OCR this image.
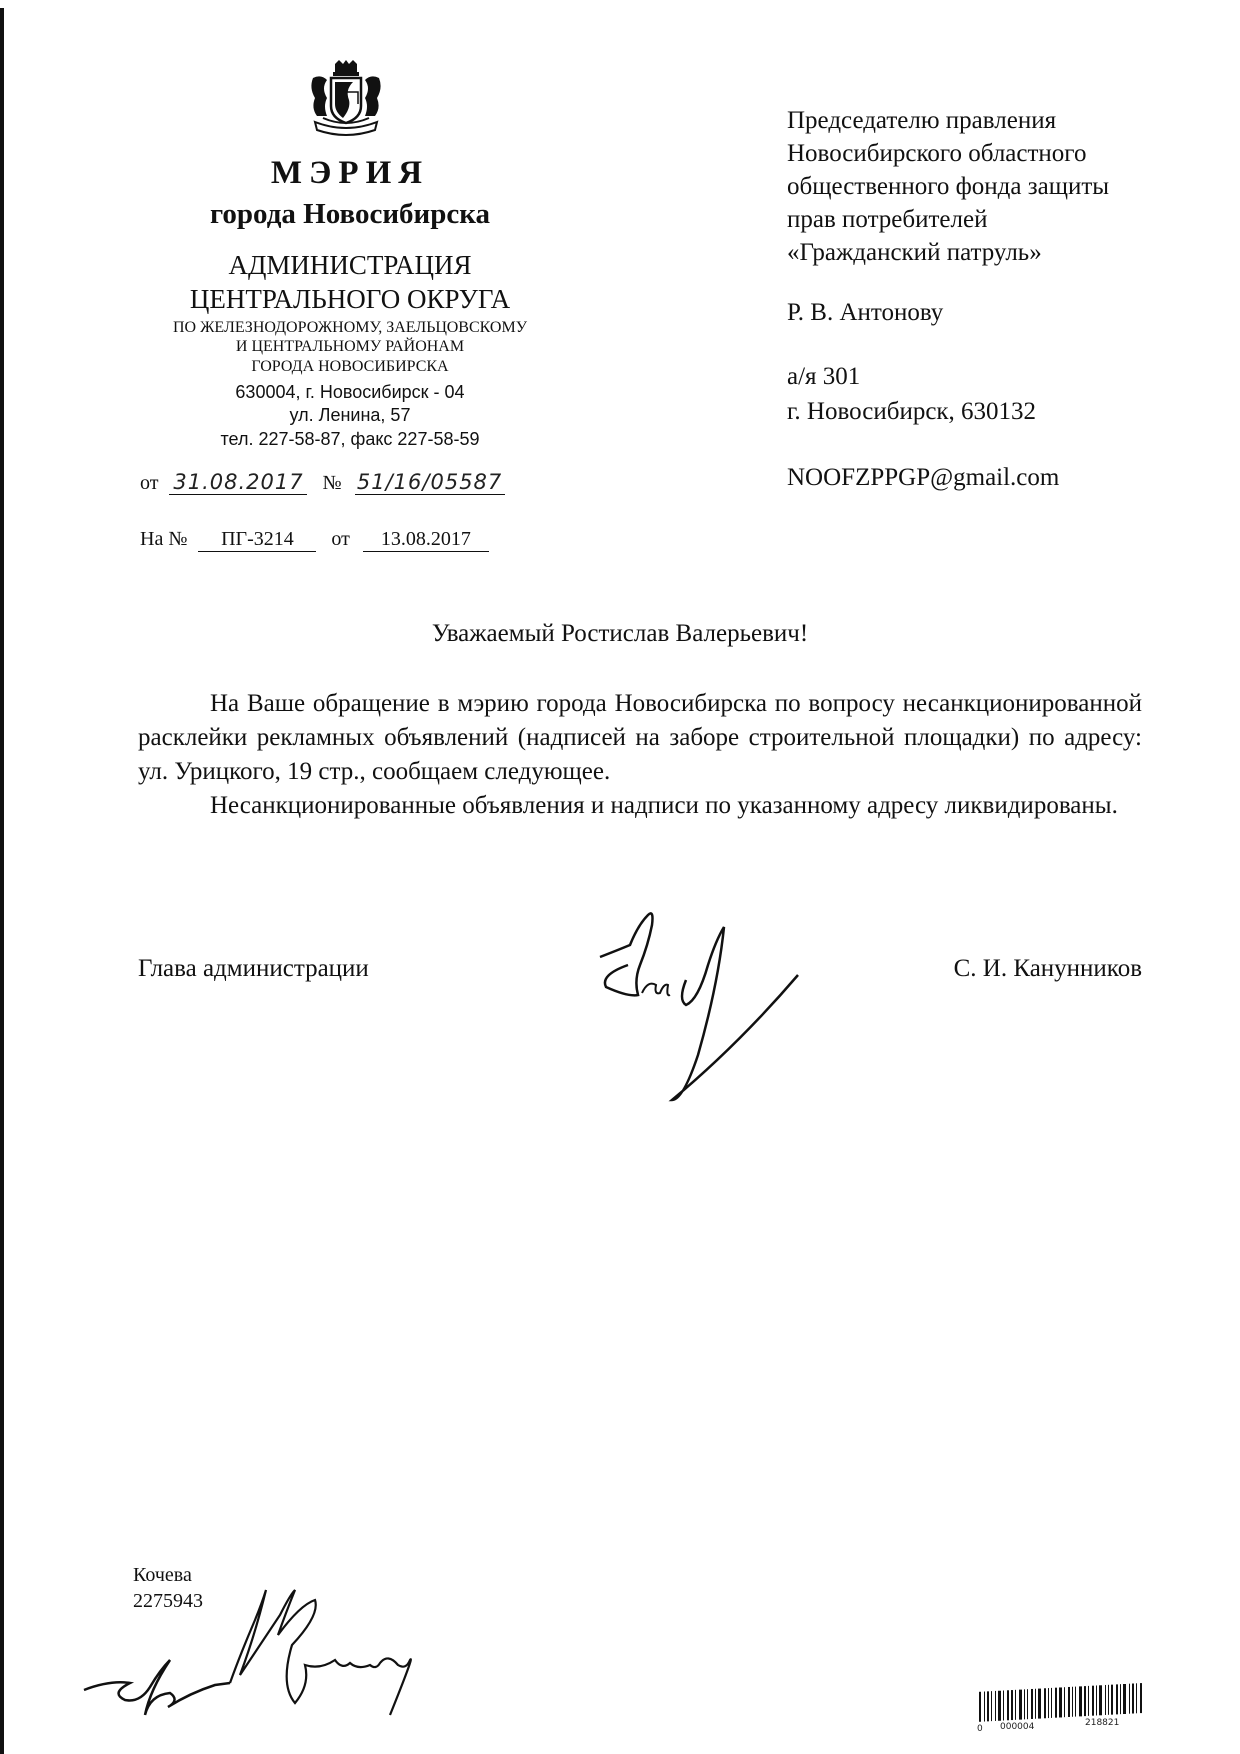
МЭРИЯ
города Новосибирска
АДМИНИСТРАЦИЯ
ЦЕНТРАЛЬНОГО ОКРУГА
ПО ЖЕЛЕЗНОДОРОЖНОМУ, ЗАЕЛЬЦОВСКОМУ
И ЦЕНТРАЛЬНОМУ РАЙОНАМ
ГОРОДА НОВОСИБИРСКА
630004, г. Новосибирск - 04
ул. Ленина, 57
тел. 227-58-87, факс 227-58-59
от 31.08.2017 № 51/16/05587
На № ПГ-3214 от 13.08.2017
Председателю правления
Новосибирского областного
общественного фонда защиты
прав потребителей
«Гражданский патруль»
Р. В. Антонову
а/я 301
г. Новосибирск, 630132
NOOFZPPGP@gmail.com
Уважаемый Ростислав Валерьевич!

На Ваше обращение в мэрию города Новосибирска по вопросу несанкционированной расклейки рекламных объявлений (надписей на заборе строительной площадки) по адресу: ул. Урицкого, 19 стр., сообщаем следующее.

Несанкционированные объявления и надписи по указанному адресу ликвидированы.

Глава администрации	С. И. Канунников
Кочева
2275943
0 000004	218821
